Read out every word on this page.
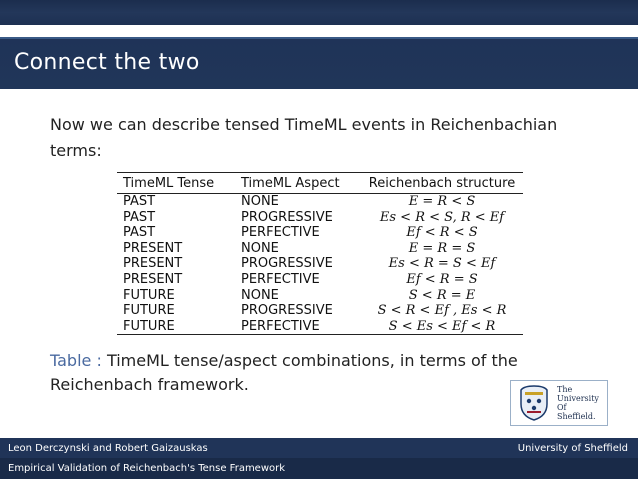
Connect the two
Now we can describe tensed TimeML events in Reichenbachian terms:
TimeML Tense	TimeML Aspect	Reichenbach structure
PAST	NONE	E = R < S
PAST	PROGRESSIVE	Es < R < S, R < Ef
PAST	PERFECTIVE	Ef < R < S
PRESENT	NONE	E = R = S
PRESENT	PROGRESSIVE	Es < R = S < Ef
PRESENT	PERFECTIVE	Ef < R = S
FUTURE	NONE	S < R = E
FUTURE	PROGRESSIVE	S < R < Ef , Es < R
FUTURE	PERFECTIVE	S < Es < Ef < R
Table : TimeML tense/aspect combinations, in terms of the Reichenbach framework.	The
University
Of
Sheffield.
Leon Derczynski and Robert Gaizauskas	University of Sheffield
Empirical Validation of Reichenbach's Tense Framework
